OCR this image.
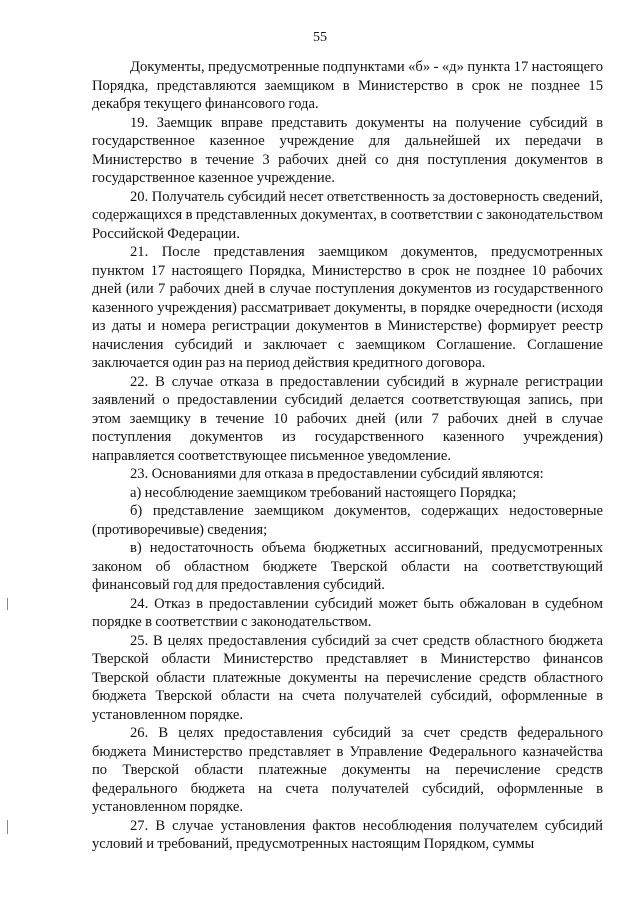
55

Документы, предусмотренные подпунктами «б» - «д» пункта 17 настоящего Порядка, представляются заемщиком в Министерство в срок не позднее 15 декабря текущего финансового года.

19. Заемщик вправе представить документы на получение субсидий в государственное казенное учреждение для дальнейшей их передачи в Министерство в течение 3 рабочих дней со дня поступления документов в государственное казенное учреждение.

20. Получатель субсидий несет ответственность за достоверность сведений, содержащихся в представленных документах, в соответствии с законодательством Российской Федерации.

21. После представления заемщиком документов, предусмотренных пунктом 17 настоящего Порядка, Министерство в срок не позднее 10 рабочих дней (или 7 рабочих дней в случае поступления документов из государственного казенного учреждения) рассматривает документы, в порядке очередности (исходя из даты и номера регистрации документов в Министерстве) формирует реестр начисления субсидий и заключает с заемщиком Соглашение. Соглашение заключается один раз на период действия кредитного договора.

22. В случае отказа в предоставлении субсидий в журнале регистрации заявлений о предоставлении субсидий делается соответствующая запись, при этом заемщику в течение 10 рабочих дней (или 7 рабочих дней в случае поступления документов из государственного казенного учреждения) направляется соответствующее письменное уведомление.

23. Основаниями для отказа в предоставлении субсидий являются:

а) несоблюдение заемщиком требований настоящего Порядка;

б) представление заемщиком документов, содержащих недостоверные (противоречивые) сведения;

в) недостаточность объема бюджетных ассигнований, предусмотренных законом об областном бюджете Тверской области на соответствующий финансовый год для предоставления субсидий.

24. Отказ в предоставлении субсидий может быть обжалован в судебном порядке в соответствии с законодательством.

25. В целях предоставления субсидий за счет средств областного бюджета Тверской области Министерство представляет в Министерство финансов Тверской области платежные документы на перечисление средств областного бюджета Тверской области на счета получателей субсидий, оформленные в установленном порядке.

26. В целях предоставления субсидий за счет средств федерального бюджета Министерство представляет в Управление Федерального казначейства по Тверской области платежные документы на перечисление средств федерального бюджета на счета получателей субсидий, оформленные в установленном порядке.

27. В случае установления фактов несоблюдения получателем субсидий условий и требований, предусмотренных настоящим Порядком, суммы
